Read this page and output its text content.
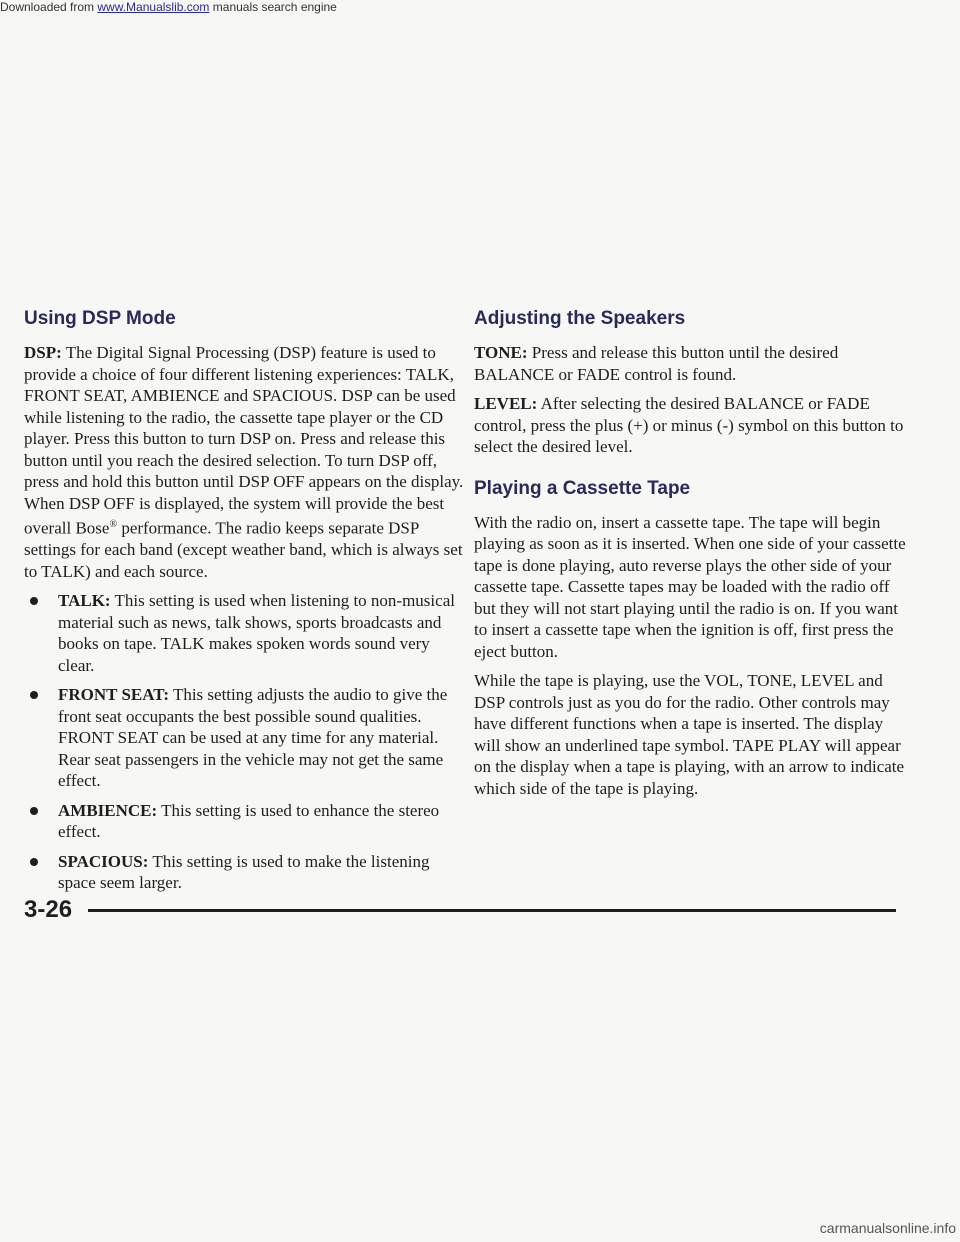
Downloaded from www.Manualslib.com manuals search engine
Using DSP Mode

DSP: The Digital Signal Processing (DSP) feature is used to provide a choice of four different listening experiences: TALK, FRONT SEAT, AMBIENCE and SPACIOUS. DSP can be used while listening to the radio, the cassette tape player or the CD player. Press this button to turn DSP on. Press and release this button until you reach the desired selection. To turn DSP off, press and hold this button until DSP OFF appears on the display. When DSP OFF is displayed, the system will provide the best overall Bose® performance. The radio keeps separate DSP settings for each band (except weather band, which is always set to TALK) and each source.

TALK: This setting is used when listening to non-musical material such as news, talk shows, sports broadcasts and books on tape. TALK makes spoken words sound very clear.
FRONT SEAT: This setting adjusts the audio to give the front seat occupants the best possible sound qualities. FRONT SEAT can be used at any time for any material. Rear seat passengers in the vehicle may not get the same effect.
AMBIENCE: This setting is used to enhance the stereo effect.
SPACIOUS: This setting is used to make the listening space seem larger.
Adjusting the Speakers

TONE: Press and release this button until the desired BALANCE or FADE control is found.

LEVEL: After selecting the desired BALANCE or FADE control, press the plus (+) or minus (-) symbol on this button to select the desired level.

Playing a Cassette Tape

With the radio on, insert a cassette tape. The tape will begin playing as soon as it is inserted. When one side of your cassette tape is done playing, auto reverse plays the other side of your cassette tape. Cassette tapes may be loaded with the radio off but they will not start playing until the radio is on. If you want to insert a cassette tape when the ignition is off, first press the eject button.

While the tape is playing, use the VOL, TONE, LEVEL and DSP controls just as you do for the radio. Other controls may have different functions when a tape is inserted. The display will show an underlined tape symbol. TAPE PLAY will appear on the display when a tape is playing, with an arrow to indicate which side of the tape is playing.

3-26
carmanualsonline.info
